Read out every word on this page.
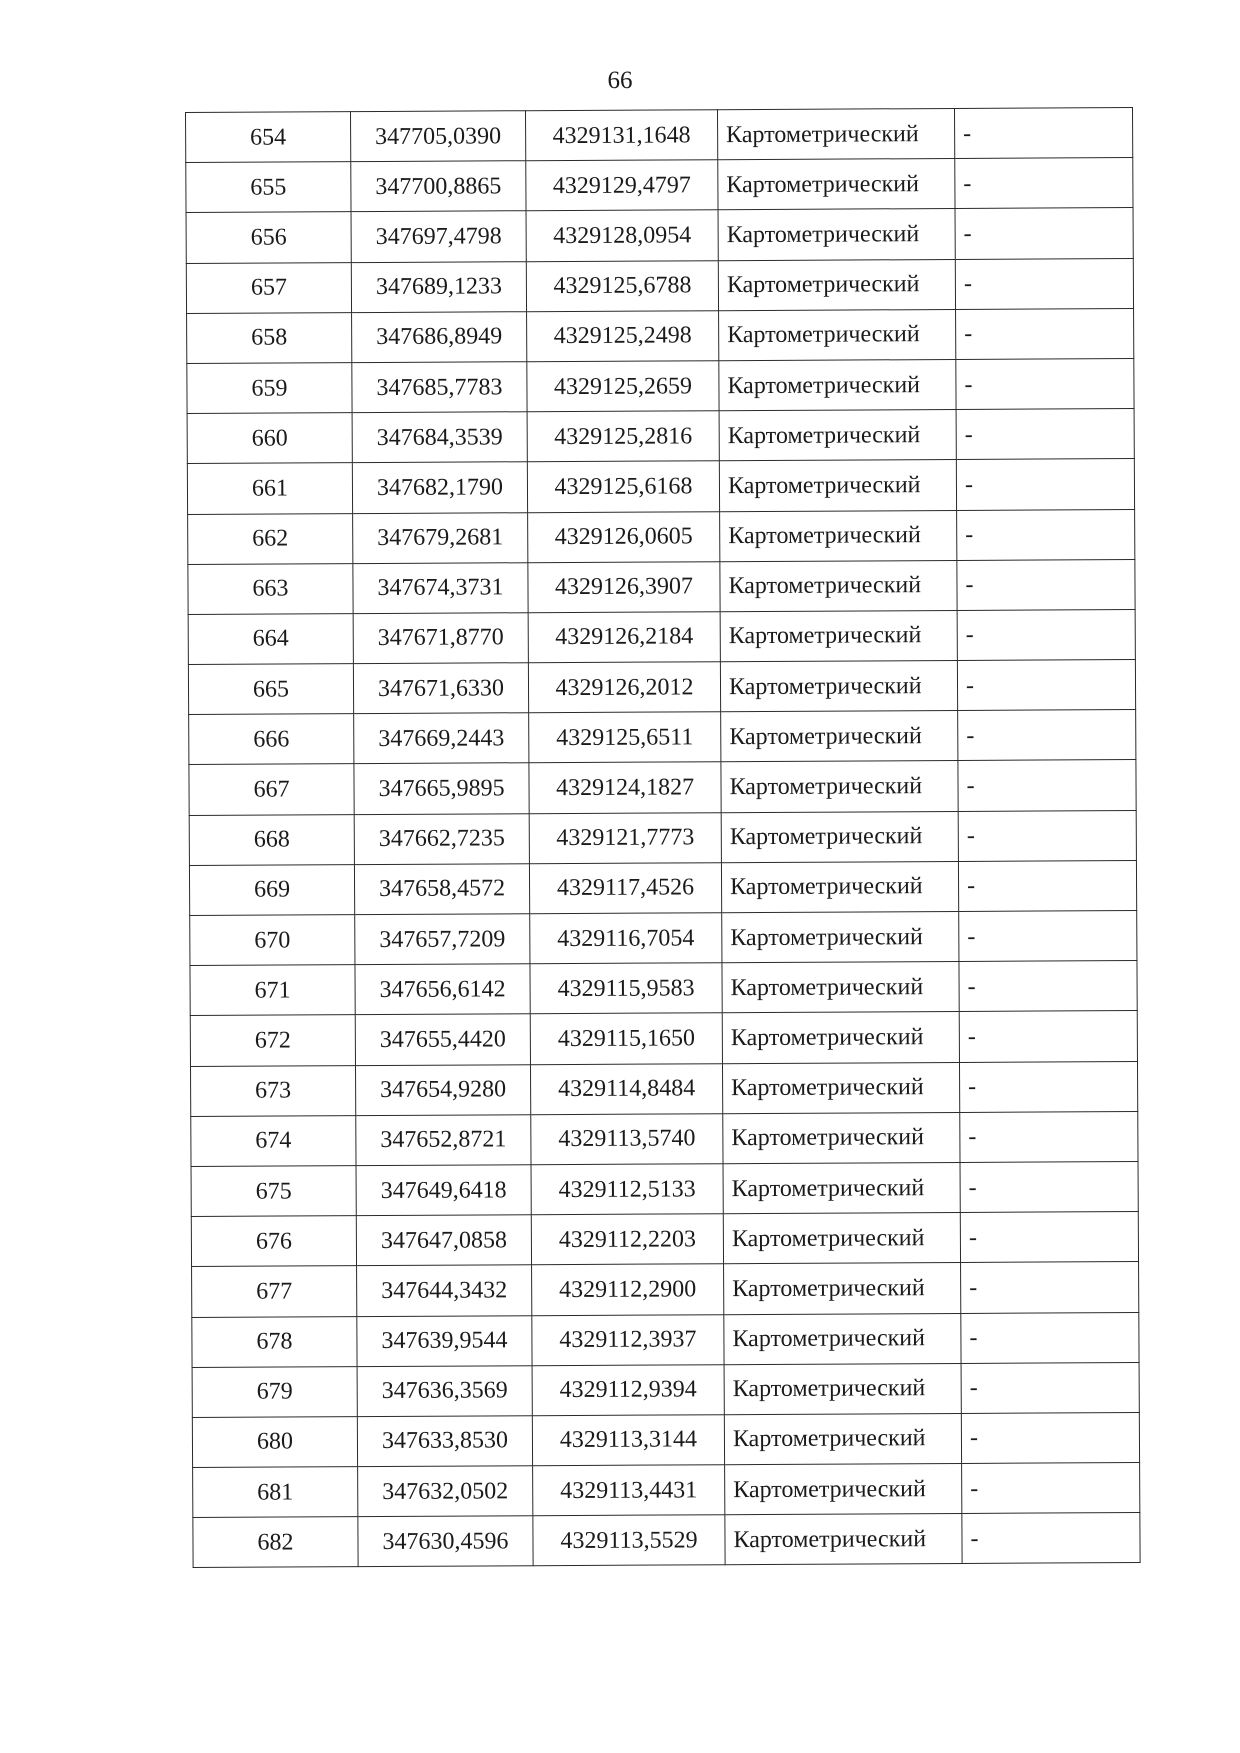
66
654	347705,0390	4329131,1648	Картометрический	-
655	347700,8865	4329129,4797	Картометрический	-
656	347697,4798	4329128,0954	Картометрический	-
657	347689,1233	4329125,6788	Картометрический	-
658	347686,8949	4329125,2498	Картометрический	-
659	347685,7783	4329125,2659	Картометрический	-
660	347684,3539	4329125,2816	Картометрический	-
661	347682,1790	4329125,6168	Картометрический	-
662	347679,2681	4329126,0605	Картометрический	-
663	347674,3731	4329126,3907	Картометрический	-
664	347671,8770	4329126,2184	Картометрический	-
665	347671,6330	4329126,2012	Картометрический	-
666	347669,2443	4329125,6511	Картометрический	-
667	347665,9895	4329124,1827	Картометрический	-
668	347662,7235	4329121,7773	Картометрический	-
669	347658,4572	4329117,4526	Картометрический	-
670	347657,7209	4329116,7054	Картометрический	-
671	347656,6142	4329115,9583	Картометрический	-
672	347655,4420	4329115,1650	Картометрический	-
673	347654,9280	4329114,8484	Картометрический	-
674	347652,8721	4329113,5740	Картометрический	-
675	347649,6418	4329112,5133	Картометрический	-
676	347647,0858	4329112,2203	Картометрический	-
677	347644,3432	4329112,2900	Картометрический	-
678	347639,9544	4329112,3937	Картометрический	-
679	347636,3569	4329112,9394	Картометрический	-
680	347633,8530	4329113,3144	Картометрический	-
681	347632,0502	4329113,4431	Картометрический	-
682	347630,4596	4329113,5529	Картометрический	-
